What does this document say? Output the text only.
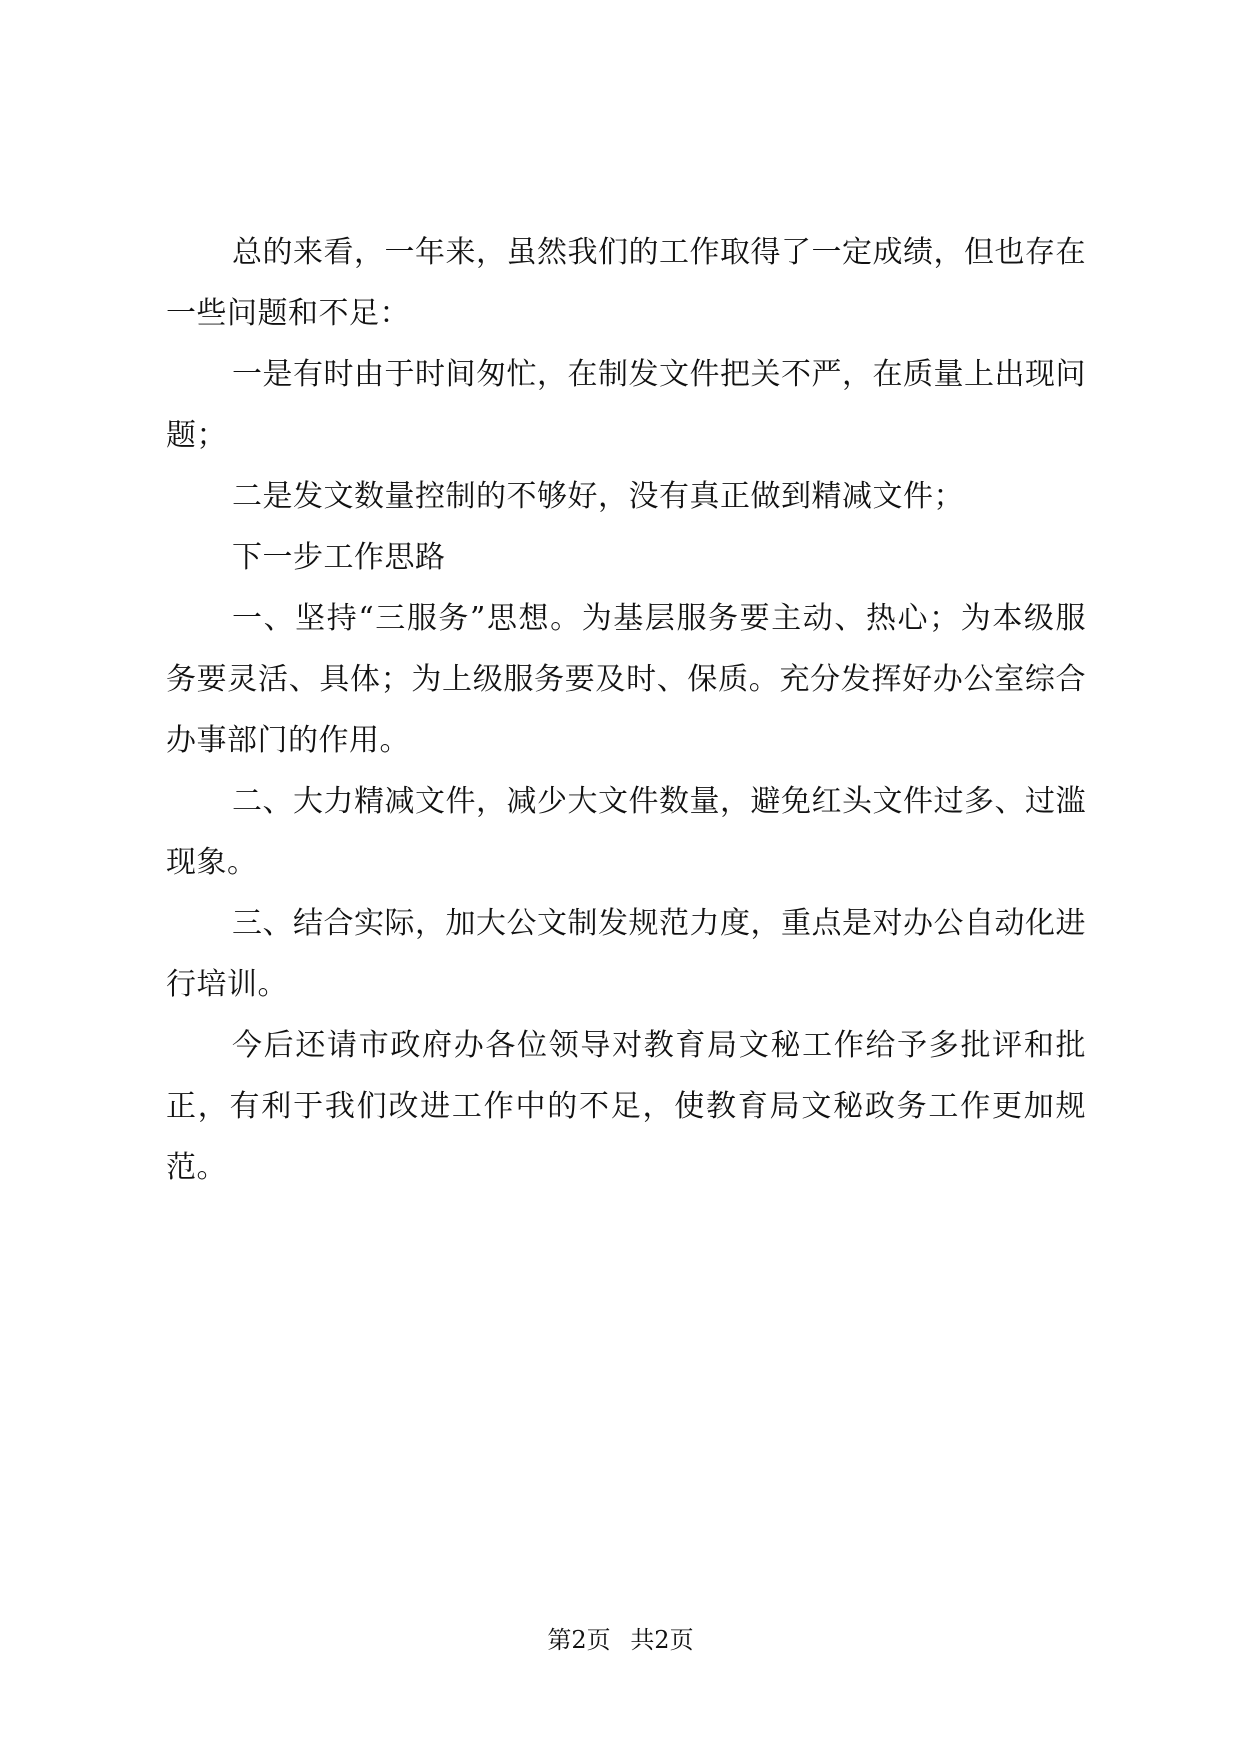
总的来看，一年来，虽然我们的工作取得了一定成绩，但也存在一些问题和不足：

一是有时由于时间匆忙，在制发文件把关不严，在质量上出现问题；

二是发文数量控制的不够好，没有真正做到精减文件；

下一步工作思路

一、坚持“三服务”思想。为基层服务要主动、热心；为本级服务要灵活、具体；为上级服务要及时、保质。充分发挥好办公室综合办事部门的作用。

二、大力精减文件，减少大文件数量，避免红头文件过多、过滥现象。

三、结合实际，加大公文制发规范力度，重点是对办公自动化进行培训。

今后还请市政府办各位领导对教育局文秘工作给予多批评和批正，有利于我们改进工作中的不足，使教育局文秘政务工作更加规范。

第2页 共2页
